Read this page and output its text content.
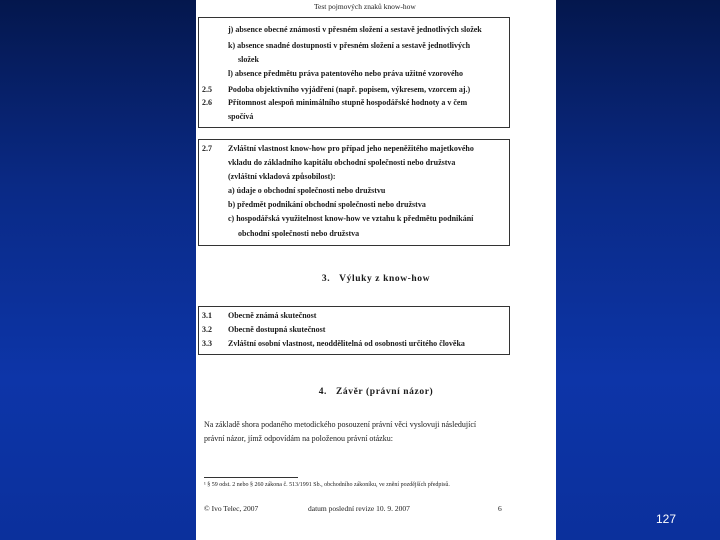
Test pojmových znaků know-how
j) absence obecné známosti v přesném složení a sestavě jednotlivých složek
k) absence snadné dostupnosti v přesném složení a sestavě jednotlivých
složek
l) absence předmětu práva patentového nebo práva užitné vzorového
2.5 Podoba objektivního vyjádření (např. popisem, výkresem, vzorcem aj.)
2.6 Přítomnost alespoň minimálního stupně hospodářské hodnoty a v čem
spočívá
2.7 Zvláštní vlastnost know-how pro případ jeho nepeněžitého majetkového
vkladu do základního kapitálu obchodní společnosti nebo družstva
(zvláštní vkladová způsobilost):
a) údaje o obchodní společnosti nebo družstvu
b) předmět podnikání obchodní společnosti nebo družstva
c) hospodářská využitelnost know-how ve vztahu k předmětu podnikání
obchodní společnosti nebo družstva
3. Výluky z know-how
3.1 Obecně známá skutečnost
3.2 Obecně dostupná skutečnost
3.3 Zvláštní osobní vlastnost, neoddělitelná od osobnosti určitého člověka
4. Závěr (právní názor)
Na základě shora podaného metodického posouzení právní věci vyslovuji následující
právní názor, jímž odpovídám na položenou právní otázku:
¹ § 59 odst. 2 nebo § 260 zákona č. 513/1991 Sb., obchodního zákoníku, ve znění pozdějších předpisů.
© Ivo Telec, 2007	datum poslední revize 10. 9. 2007	6
127
